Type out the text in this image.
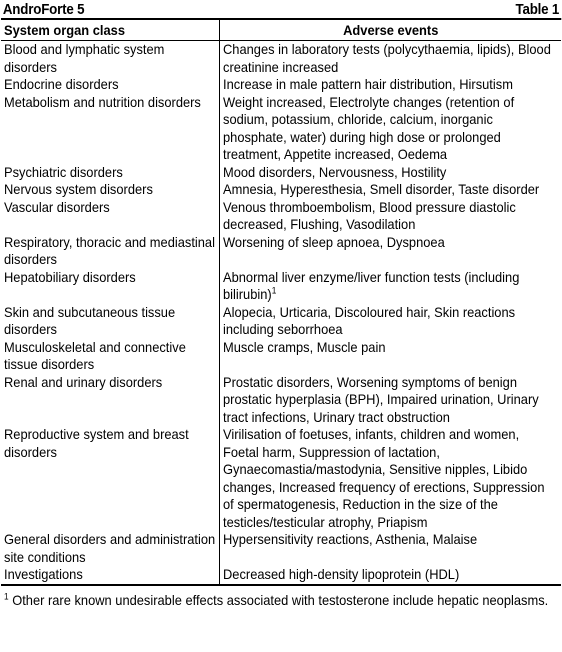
AndroForte 5	Table 1
System organ class	Adverse events
Blood and lymphatic system disorders	Changes in laboratory tests (polycythaemia, lipids), Blood creatinine increased
Endocrine disorders	Increase in male pattern hair distribution, Hirsutism
Metabolism and nutrition disorders	Weight increased, Electrolyte changes (retention of sodium, potassium, chloride, calcium, inorganic phosphate, water) during high dose or prolonged treatment, Appetite increased, Oedema
Psychiatric disorders	Mood disorders, Nervousness, Hostility
Nervous system disorders	Amnesia, Hyperesthesia, Smell disorder, Taste disorder
Vascular disorders	Venous thromboembolism, Blood pressure diastolic decreased, Flushing, Vasodilation
Respiratory, thoracic and mediastinal disorders	Worsening of sleep apnoea, Dyspnoea
Hepatobiliary disorders	Abnormal liver enzyme/liver function tests (including bilirubin)$^1$
Skin and subcutaneous tissue disorders	Alopecia, Urticaria, Discoloured hair, Skin reactions including seborrhoea
Musculoskeletal and connective tissue disorders	Muscle cramps, Muscle pain
Renal and urinary disorders	Prostatic disorders, Worsening symptoms of benign prostatic hyperplasia (BPH), Impaired urination, Urinary tract infections, Urinary tract obstruction
Reproductive system and breast disorders	Virilisation of foetuses, infants, children and women, Foetal harm, Suppression of lactation, Gynaecomastia/mastodynia, Sensitive nipples, Libido changes, Increased frequency of erections, Suppression of spermatogenesis, Reduction in the size of the testicles/testicular atrophy, Priapism
General disorders and administration site conditions	Hypersensitivity reactions, Asthenia, Malaise
Investigations	Decreased high-density lipoprotein (HDL)
$^1$ Other rare known undesirable effects associated with testosterone include hepatic neoplasms.
